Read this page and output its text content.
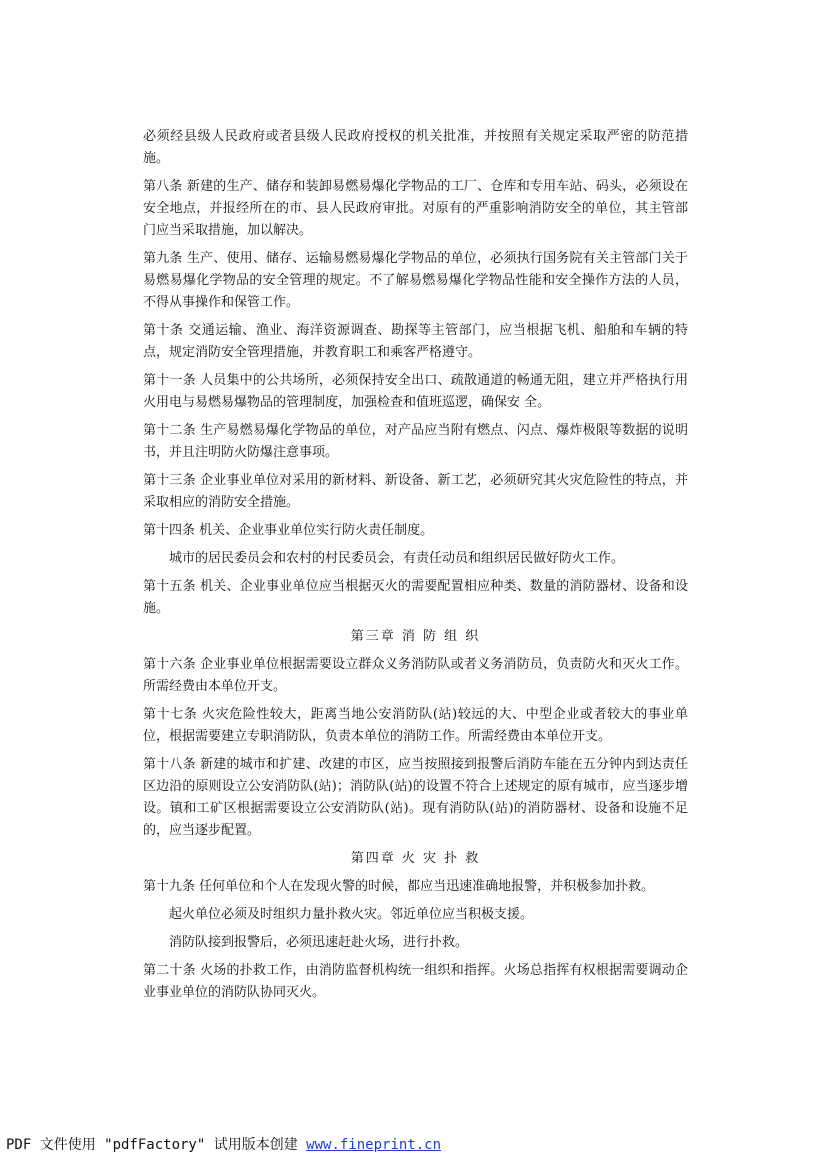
必须经县级人民政府或者县级人民政府授权的机关批准，并按照有关规定采取严密的防范措施。

第八条 新建的生产、储存和装卸易燃易爆化学物品的工厂、仓库和专用车站、码头，必须设在安全地点，并报经所在的市、县人民政府审批。对原有的严重影响消防安全的单位，其主管部门应当采取措施，加以解决。

第九条 生产、使用、储存、运输易燃易爆化学物品的单位，必须执行国务院有关主管部门关于易燃易爆化学物品的安全管理的规定。不了解易燃易爆化学物品性能和安全操作方法的人员，不得从事操作和保管工作。

第十条 交通运输、渔业、海洋资源调查、勘探等主管部门，应当根据飞机、船舶和车辆的特点，规定消防安全管理措施，并教育职工和乘客严格遵守。

第十一条 人员集中的公共场所，必须保持安全出口、疏散通道的畅通无阻，建立并严格执行用火用电与易燃易爆物品的管理制度，加强检查和值班巡逻，确保安 全。

第十二条 生产易燃易爆化学物品的单位，对产品应当附有燃点、闪点、爆炸极限等数据的说明书，并且注明防火防爆注意事项。

第十三条 企业事业单位对采用的新材料、新设备、新工艺，必须研究其火灾危险性的特点，并采取相应的消防安全措施。

第十四条 机关、企业事业单位实行防火责任制度。

城市的居民委员会和农村的村民委员会，有责任动员和组织居民做好防火工作。

第十五条 机关、企业事业单位应当根据灭火的需要配置相应种类、数量的消防器材、设备和设施。

第三章 消 防 组 织

第十六条 企业事业单位根据需要设立群众义务消防队或者义务消防员，负责防火和灭火工作。所需经费由本单位开支。

第十七条 火灾危险性较大，距离当地公安消防队(站)较远的大、中型企业或者较大的事业单位，根据需要建立专职消防队，负责本单位的消防工作。所需经费由本单位开支。

第十八条 新建的城市和扩建、改建的市区，应当按照接到报警后消防车能在五分钟内到达责任区边沿的原则设立公安消防队(站)；消防队(站)的设置不符合上述规定的原有城市，应当逐步增设。镇和工矿区根据需要设立公安消防队(站)。现有消防队(站)的消防器材、设备和设施不足的，应当逐步配置。

第四章 火 灾 扑 救

第十九条 任何单位和个人在发现火警的时候，都应当迅速准确地报警，并积极参加扑救。

起火单位必须及时组织力量扑救火灾。邻近单位应当积极支援。

消防队接到报警后，必须迅速赶赴火场，进行扑救。

第二十条 火场的扑救工作，由消防监督机构统一组织和指挥。火场总指挥有权根据需要调动企业事业单位的消防队协同灭火。

PDF 文件使用 "pdfFactory" 试用版本创建 www.fineprint.cn
